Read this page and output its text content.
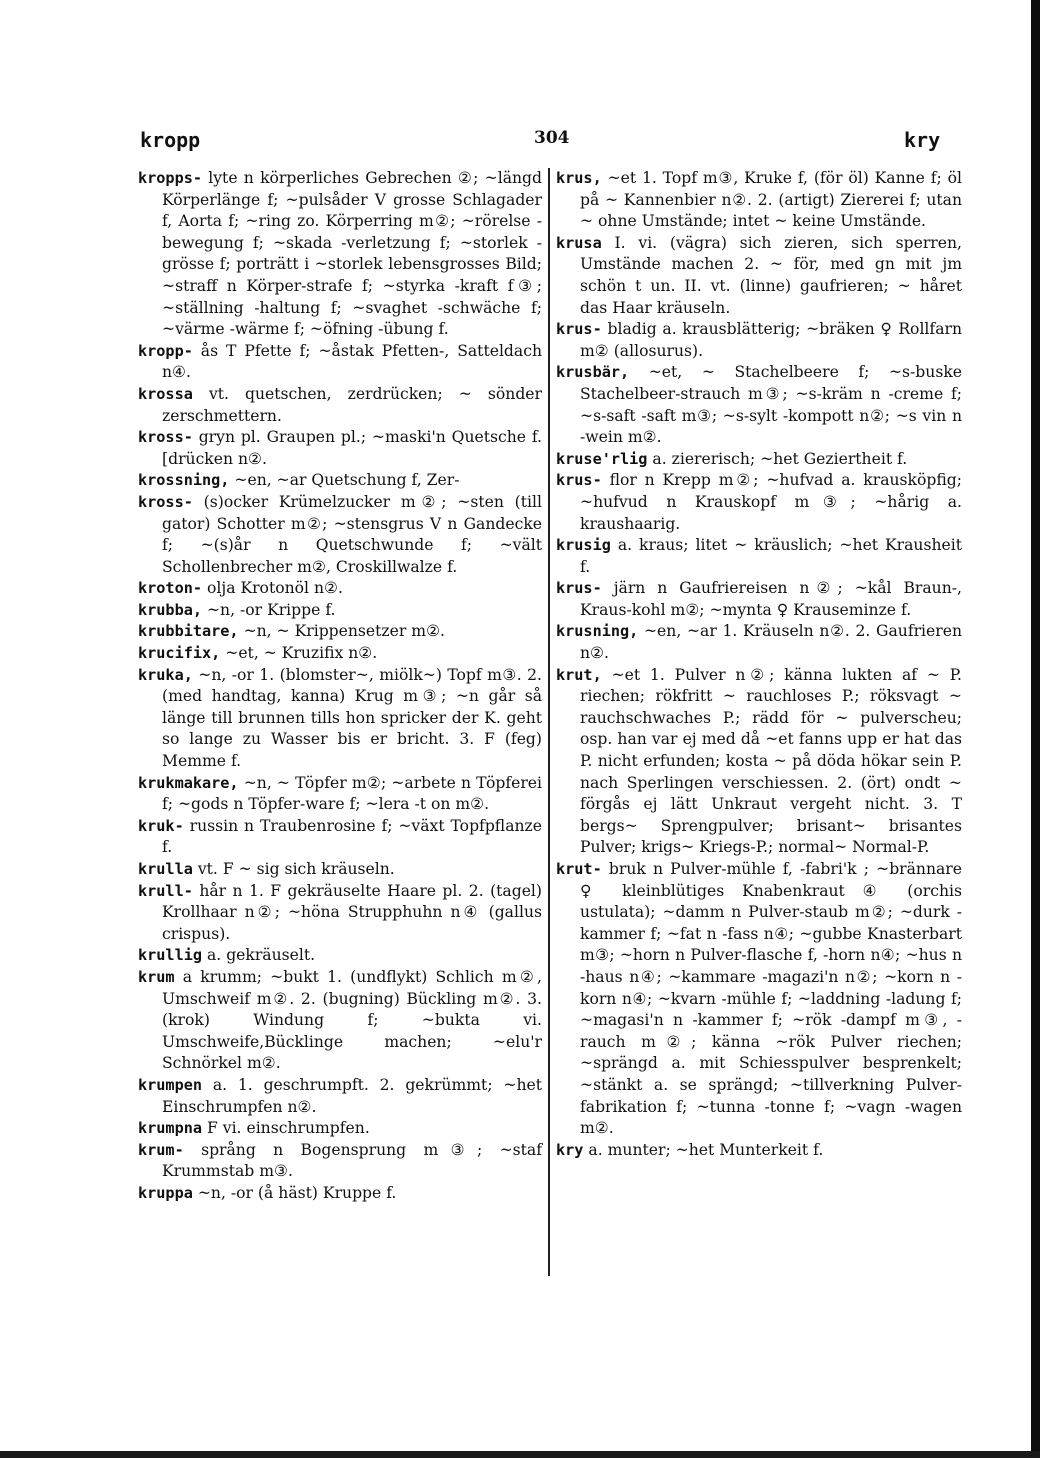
kropp	304	kry

kropps- lyte n körperliches Gebrechen ②; ~längd Körperlänge f; ~pulsåder V grosse Schlagader f, Aorta f; ~ring zo. Körperring m②; ~rörelse -bewegung f; ~skada -verletzung f; ~storlek -grösse f; porträtt i ~storlek lebensgrosses Bild; ~straff n Körper-strafe f; ~styrka -kraft f③; ~ställning -haltung f; ~svaghet -schwäche f; ~värme -wärme f; ~öfning -übung f.

kropp- ås T Pfette f; ~åstak Pfetten-, Satteldach n④.

krossa vt. quetschen, zerdrücken; ~ sönder zerschmettern.

kross- gryn pl. Graupen pl.; ~maski'n Quetsche f. [drücken n②.

krossning, ~en, ~ar Quetschung f, Zer-

kross- (s)ocker Krümelzucker m②; ~sten (till gator) Schotter m②; ~stensgrus V n Gandecke f; ~(s)år n Quetschwunde f; ~vält Schollenbrecher m②, Croskillwalze f.

kroton- olja Krotonöl n②.

krubba, ~n, -or Krippe f.

krubbitare, ~n, ~ Krippensetzer m②.

krucifix, ~et, ~ Kruzifix n②.

kruka, ~n, -or 1. (blomster~, miölk~) Topf m③. 2. (med handtag, kanna) Krug m③; ~n går så länge till brunnen tills hon spricker der K. geht so lange zu Wasser bis er bricht. 3. F (feg) Memme f.

krukmakare, ~n, ~ Töpfer m②; ~arbete n Töpferei f; ~gods n Töpfer-ware f; ~lera -t on m②.

kruk- russin n Traubenrosine f; ~växt Topfpflanze f.

krulla vt. F ~ sig sich kräuseln.

krull- hår n 1. F gekräuselte Haare pl. 2. (tagel) Krollhaar n②; ~höna Strupphuhn n④ (gallus crispus).

krullig a. gekräuselt.

krum a krumm; ~bukt 1. (undflykt) Schlich m②, Umschweif m②. 2. (bugning) Bückling m②. 3. (krok) Windung f; ~bukta vi. Umschweife,Bücklinge machen; ~elu'r Schnörkel m②.

krumpen a. 1. geschrumpft. 2. gekrümmt; ~het Einschrumpfen n②.

krumpna F vi. einschrumpfen.

krum- språng n Bogensprung m③; ~staf Krummstab m③.

kruppa ~n, -or (å häst) Kruppe f.

krus, ~et 1. Topf m③, Kruke f, (för öl) Kanne f; öl på ~ Kannenbier n②. 2. (artigt) Ziererei f; utan ~ ohne Umstände; intet ~ keine Umstände.

krusa I. vi. (vägra) sich zieren, sich sperren, Umstände machen 2. ~ för, med gn mit jm schön t un. II. vt. (linne) gaufrieren; ~ håret das Haar kräuseln.

krus- bladig a. krausblätterig; ~bräken ♀ Rollfarn m② (allosurus).

krusbär, ~et, ~ Stachelbeere f; ~s-buske Stachelbeer-strauch m③; ~s-kräm n -creme f; ~s-saft -saft m③; ~s-sylt -kompott n②; ~s vin n -wein m②.

kruse'rlig a. ziererisch; ~het Geziertheit f.

krus- flor n Krepp m②; ~hufvad a. krausköpfig; ~hufvud n Krauskopf m③; ~hårig a. kraushaarig.

krusig a. kraus; litet ~ kräuslich; ~het Krausheit f.

krus- järn n Gaufriereisen n②; ~kål Braun-, Kraus-kohl m②; ~mynta ♀ Krauseminze f.

krusning, ~en, ~ar 1. Kräuseln n②. 2. Gaufrieren n②.

krut, ~et 1. Pulver n②; känna lukten af ~ P. riechen; rökfritt ~ rauchloses P.; röksvagt ~ rauchschwaches P.; rädd för ~ pulverscheu; osp. han var ej med då ~et fanns upp er hat das P. nicht erfunden; kosta ~ på döda hökar sein P. nach Sperlingen verschiessen. 2. (ört) ondt ~ förgås ej lätt Unkraut vergeht nicht. 3. T bergs~ Sprengpulver; brisant~ brisantes Pulver; krigs~ Kriegs-P.; normal~ Normal-P.

krut- bruk n Pulver-mühle f, -fabri'k ; ~brännare ♀ kleinblütiges Knabenkraut ④ (orchis ustulata); ~damm n Pulver-staub m②; ~durk -kammer f; ~fat n -fass n④; ~gubbe Knasterbart m③; ~horn n Pulver-flasche f, -horn n④; ~hus n -haus n④; ~kammare -magazi'n n②; ~korn n -korn n④; ~kvarn -mühle f; ~laddning -ladung f; ~magasi'n n -kammer f; ~rök -dampf m③, -rauch m②; känna ~rök Pulver riechen; ~sprängd a. mit Schiesspulver besprenkelt; ~stänkt a. se sprängd; ~tillverkning Pulver-fabrikation f; ~tunna -tonne f; ~vagn -wagen m②.

kry a. munter; ~het Munterkeit f.
